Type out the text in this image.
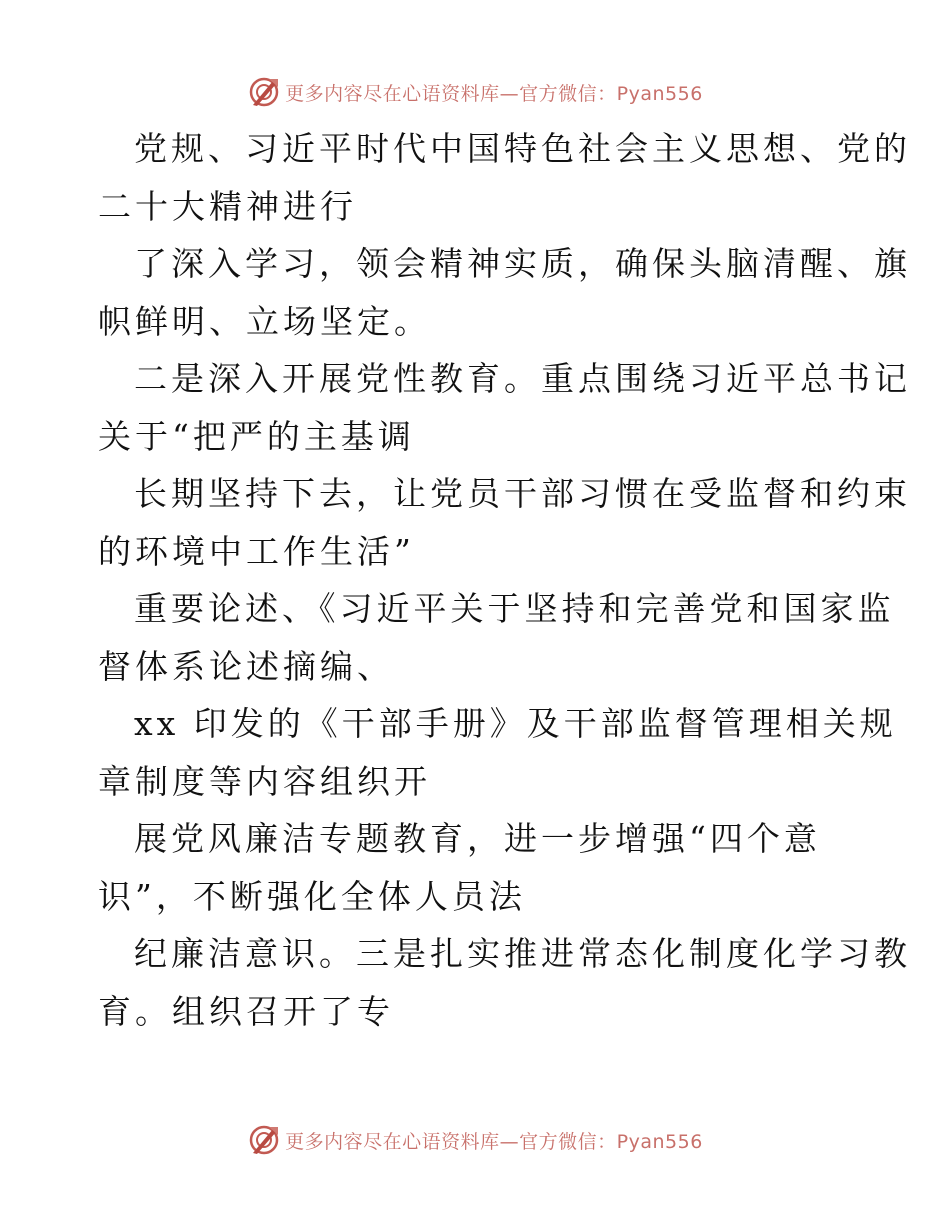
更多内容尽在心语资料库—官方微信：Pyan556
党规、习近平时代中国特色社会主义思想、党的
二十大精神进行
了深入学习，领会精神实质，确保头脑清醒、旗
帜鲜明、立场坚定。
二是深入开展党性教育。重点围绕习近平总书记
关于“把严的主基调
长期坚持下去，让党员干部习惯在受监督和约束
的环境中工作生活”
重要论述、《习近平关于坚持和完善党和国家监
督体系论述摘编、
xx 印发的《干部手册》及干部监督管理相关规
章制度等内容组织开
展党风廉洁专题教育，进一步增强“四个意
识”，不断强化全体人员法
纪廉洁意识。三是扎实推进常态化制度化学习教
育。组织召开了专
更多内容尽在心语资料库—官方微信：Pyan556
